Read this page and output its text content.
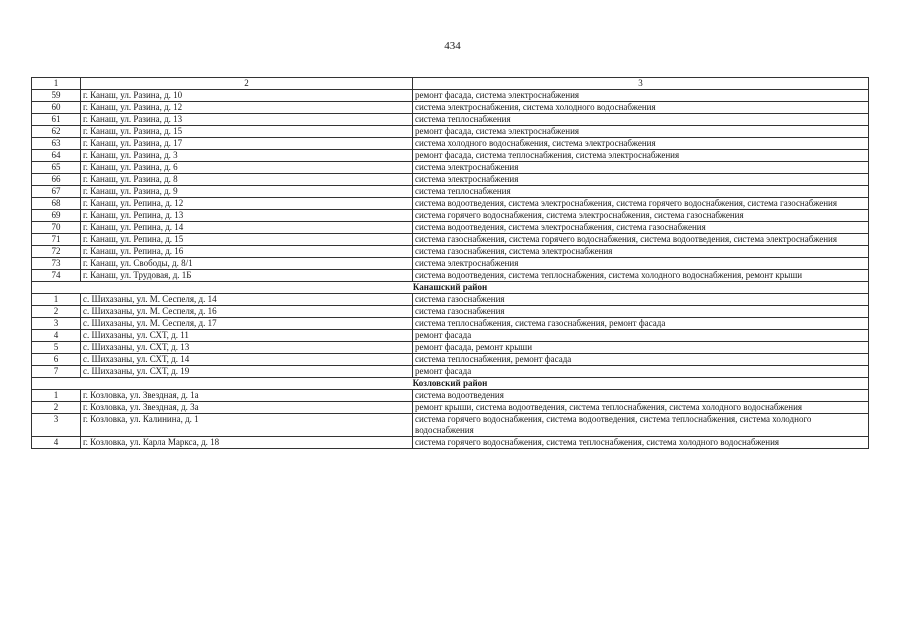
434
1	2	3
59	г. Канаш, ул. Разина, д. 10	ремонт фасада, система электроснабжения
60	г. Канаш, ул. Разина, д. 12	система электроснабжения, система холодного водоснабжения
61	г. Канаш, ул. Разина, д. 13	система теплоснабжения
62	г. Канаш, ул. Разина, д. 15	ремонт фасада, система электроснабжения
63	г. Канаш, ул. Разина, д. 17	система холодного водоснабжения, система электроснабжения
64	г. Канаш, ул. Разина, д. 3	ремонт фасада, система теплоснабжения, система электроснабжения
65	г. Канаш, ул. Разина, д. 6	система электроснабжения
66	г. Канаш, ул. Разина, д. 8	система электроснабжения
67	г. Канаш, ул. Разина, д. 9	система теплоснабжения
68	г. Канаш, ул. Репина, д. 12	система водоотведения, система электроснабжения, система горячего водоснабжения, система газоснабжения
69	г. Канаш, ул. Репина, д. 13	система горячего водоснабжения, система электроснабжения, система газоснабжения
70	г. Канаш, ул. Репина, д. 14	система водоотведения, система электроснабжения, система газоснабжения
71	г. Канаш, ул. Репина, д. 15	система газоснабжения, система горячего водоснабжения, система водоотведения, система электроснабжения
72	г. Канаш, ул. Репина, д. 16	система газоснабжения, система электроснабжения
73	г. Канаш, ул. Свободы, д. 8/1	система электроснабжения
74	г. Канаш, ул. Трудовая, д. 1Б	система водоотведения, система теплоснабжения, система холодного водоснабжения, ремонт крыши
Канашский район		
1	с. Шихазаны, ул. М. Сеспеля, д. 14	система газоснабжения
2	с. Шихазаны, ул. М. Сеспеля, д. 16	система газоснабжения
3	с. Шихазаны, ул. М. Сеспеля, д. 17	система теплоснабжения, система газоснабжения, ремонт фасада
4	с. Шихазаны, ул. СХТ, д. 11	ремонт фасада
5	с. Шихазаны, ул. СХТ, д. 13	ремонт фасада, ремонт крыши
6	с. Шихазаны, ул. СХТ, д. 14	система теплоснабжения, ремонт фасада
7	с. Шихазаны, ул. СХТ, д. 19	ремонт фасада
Козловский район		
1	г. Козловка, ул. Звездная, д. 1а	система водоотведения
2	г. Козловка, ул. Звездная, д. 3а	ремонт крыши, система водоотведения, система теплоснабжения, система холодного водоснабжения
3	г. Козловка, ул. Калинина, д. 1	система горячего водоснабжения, система водоотведения, система теплоснабжения, система холодного водоснабжения
4	г. Козловка, ул. Карла Маркса, д. 18	система горячего водоснабжения, система теплоснабжения, система холодного водоснабжения
